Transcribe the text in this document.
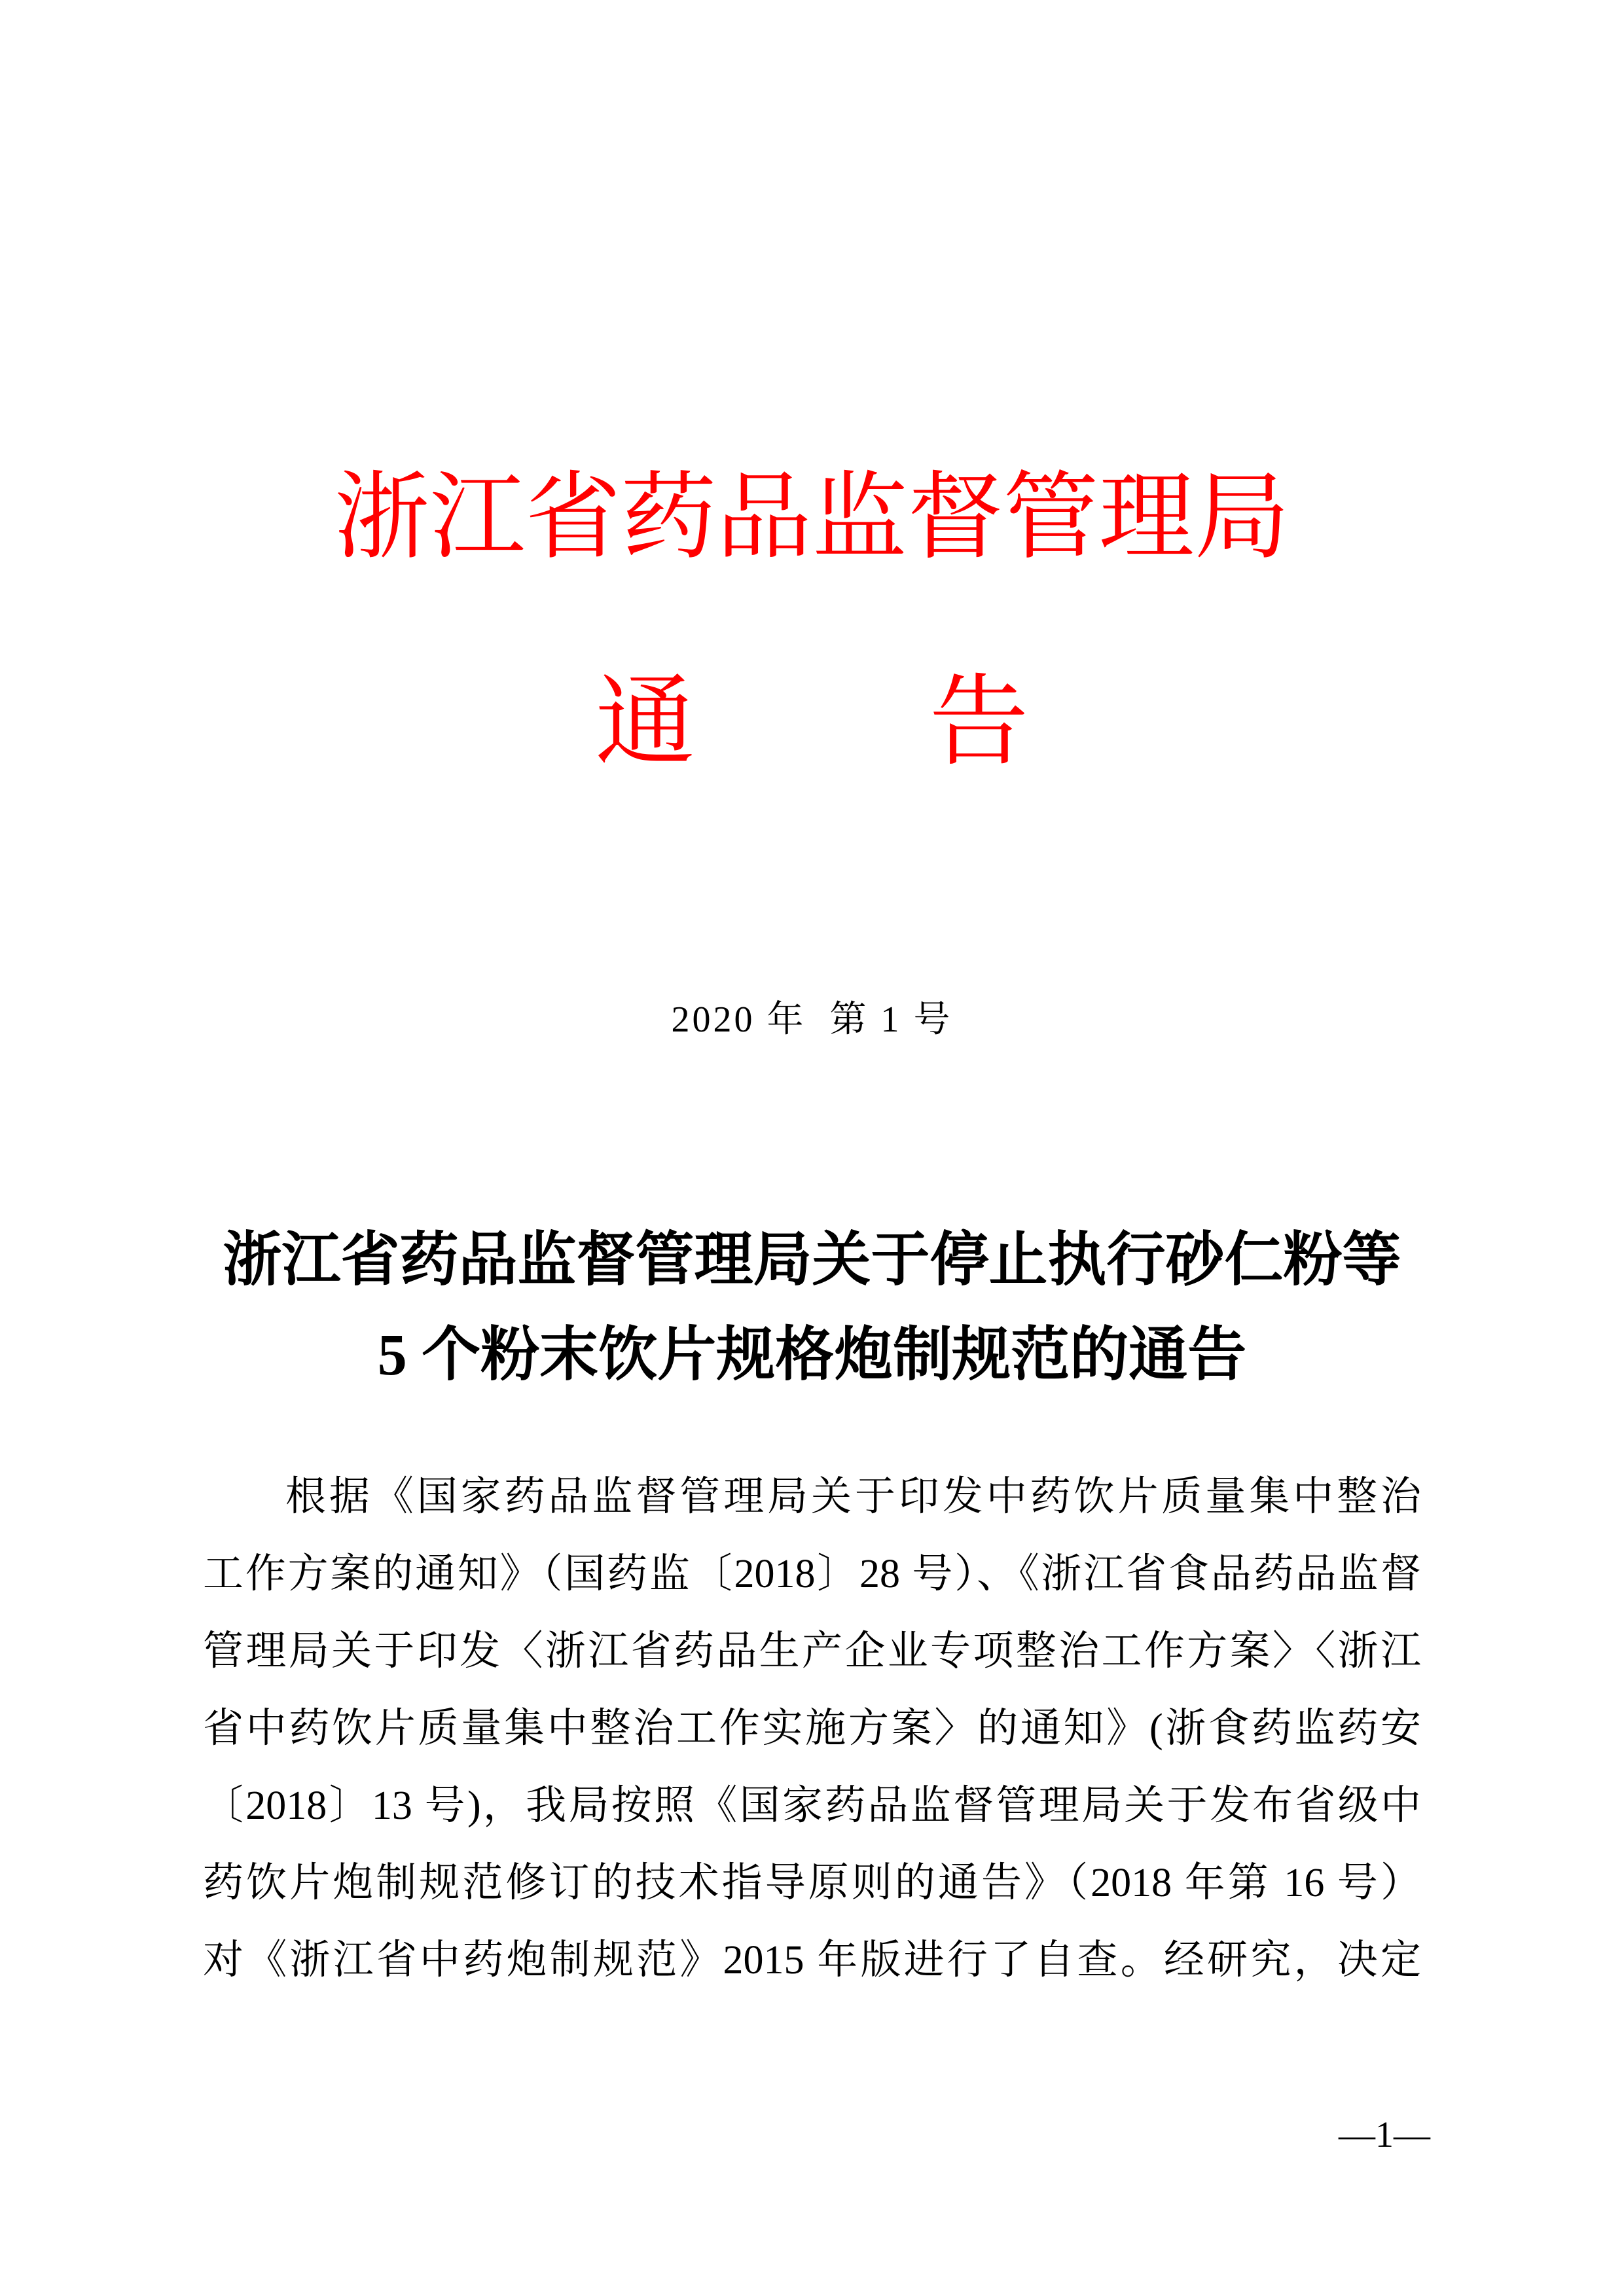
浙江省药品监督管理局
通 告
2020 年  第 1 号
浙江省药品监督管理局关于停止执行砂仁粉等
5 个粉末饮片规格炮制规范的通告
根据《国家药品监督管理局关于印发中药饮片质量集中整治
工作方案的通知》（国药监〔2018〕28 号）、《浙江省食品药品监督
管理局关于印发〈浙江省药品生产企业专项整治工作方案〉〈浙江
省中药饮片质量集中整治工作实施方案〉的通知》(浙食药监药安
〔2018〕13 号)，我局按照《国家药品监督管理局关于发布省级中
药饮片炮制规范修订的技术指导原则的通告》（2018 年第 16 号）
对《浙江省中药炮制规范》2015 年版进行了自查。经研究，决定
—1—
